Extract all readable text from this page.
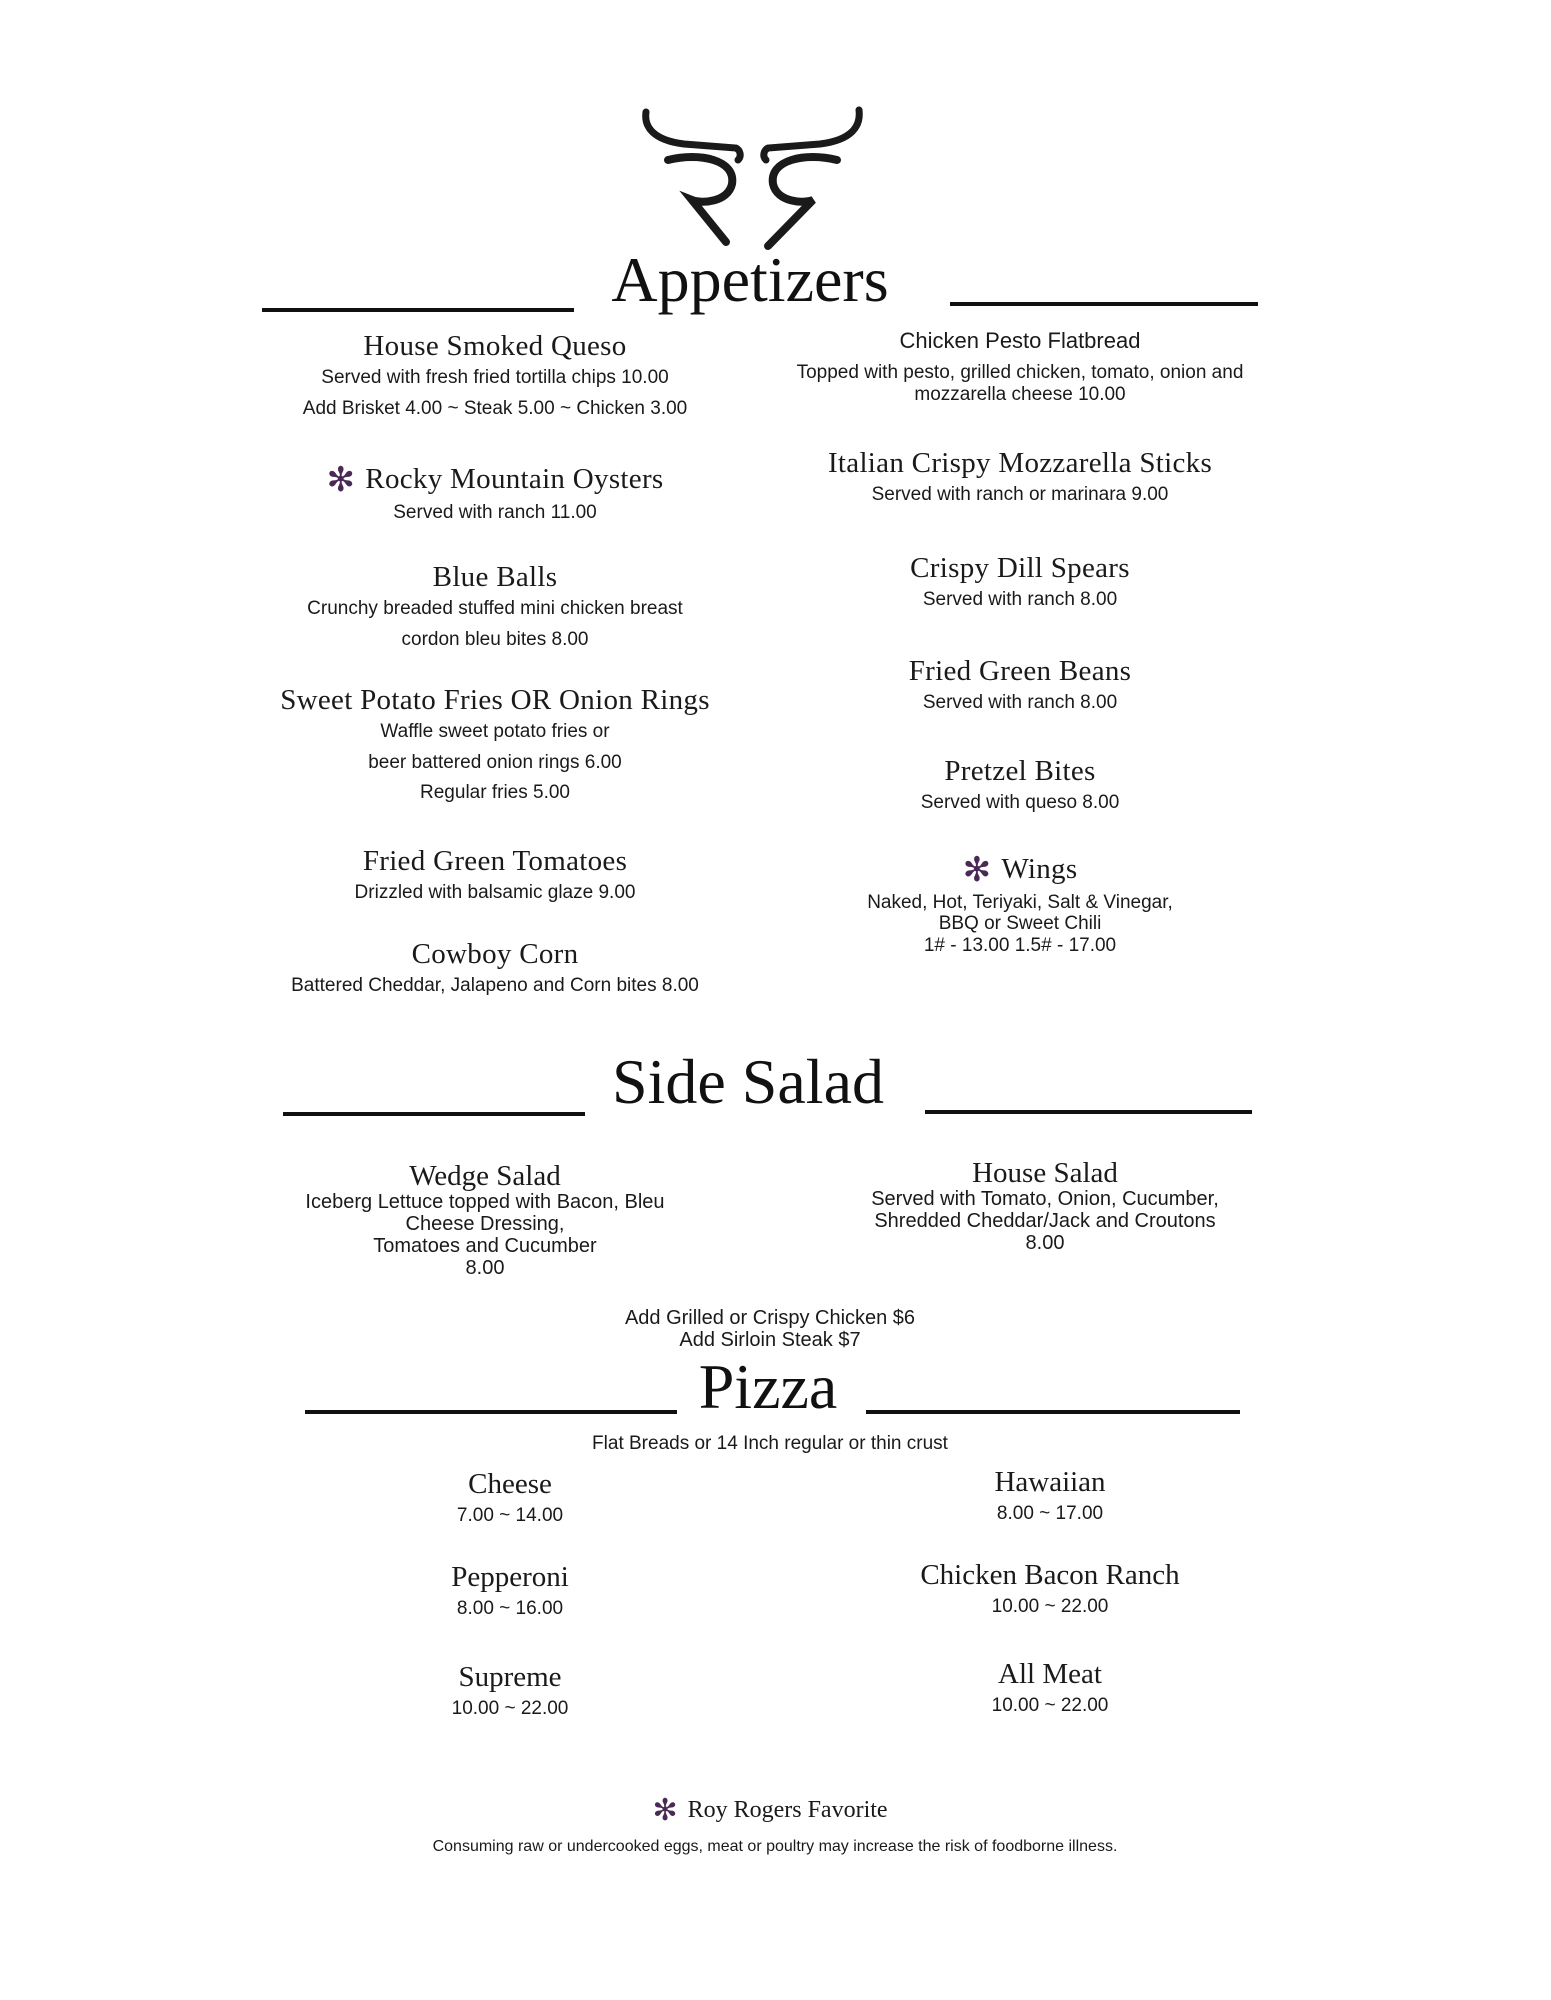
Appetizers
House Smoked Queso
Served with fresh fried tortilla chips 10.00
Add Brisket 4.00 ~ Steak 5.00 ~ Chicken 3.00
✻ Rocky Mountain Oysters
Served with ranch 11.00
Blue Balls
Crunchy breaded stuffed mini chicken breast
cordon bleu bites 8.00
Sweet Potato Fries OR Onion Rings
Waffle sweet potato fries or
beer battered onion rings 6.00
Regular fries 5.00
Fried Green Tomatoes
Drizzled with balsamic glaze 9.00
Cowboy Corn
Battered Cheddar, Jalapeno and Corn bites 8.00
Chicken Pesto Flatbread
Topped with pesto, grilled chicken, tomato, onion and
mozzarella cheese 10.00
Italian Crispy Mozzarella Sticks
Served with ranch or marinara 9.00
Crispy Dill Spears
Served with ranch 8.00
Fried Green Beans
Served with ranch 8.00
Pretzel Bites
Served with queso 8.00
✻ Wings
Naked, Hot, Teriyaki, Salt & Vinegar,
BBQ or Sweet Chili
1# - 13.00 1.5# - 17.00
Side Salad
Wedge Salad
Iceberg Lettuce topped with Bacon, Bleu
Cheese Dressing,
Tomatoes and Cucumber
8.00
House Salad
Served with Tomato, Onion, Cucumber,
Shredded Cheddar/Jack and Croutons
8.00
Add Grilled or Crispy Chicken $6
Add Sirloin Steak $7
Pizza
Flat Breads or 14 Inch regular or thin crust
Cheese
7.00 ~ 14.00
Pepperoni
8.00 ~ 16.00
Supreme
10.00 ~ 22.00
Hawaiian
8.00 ~ 17.00
Chicken Bacon Ranch
10.00 ~ 22.00
All Meat
10.00 ~ 22.00
✻ Roy Rogers Favorite
Consuming raw or undercooked eggs, meat or poultry may increase the risk of foodborne illness.
